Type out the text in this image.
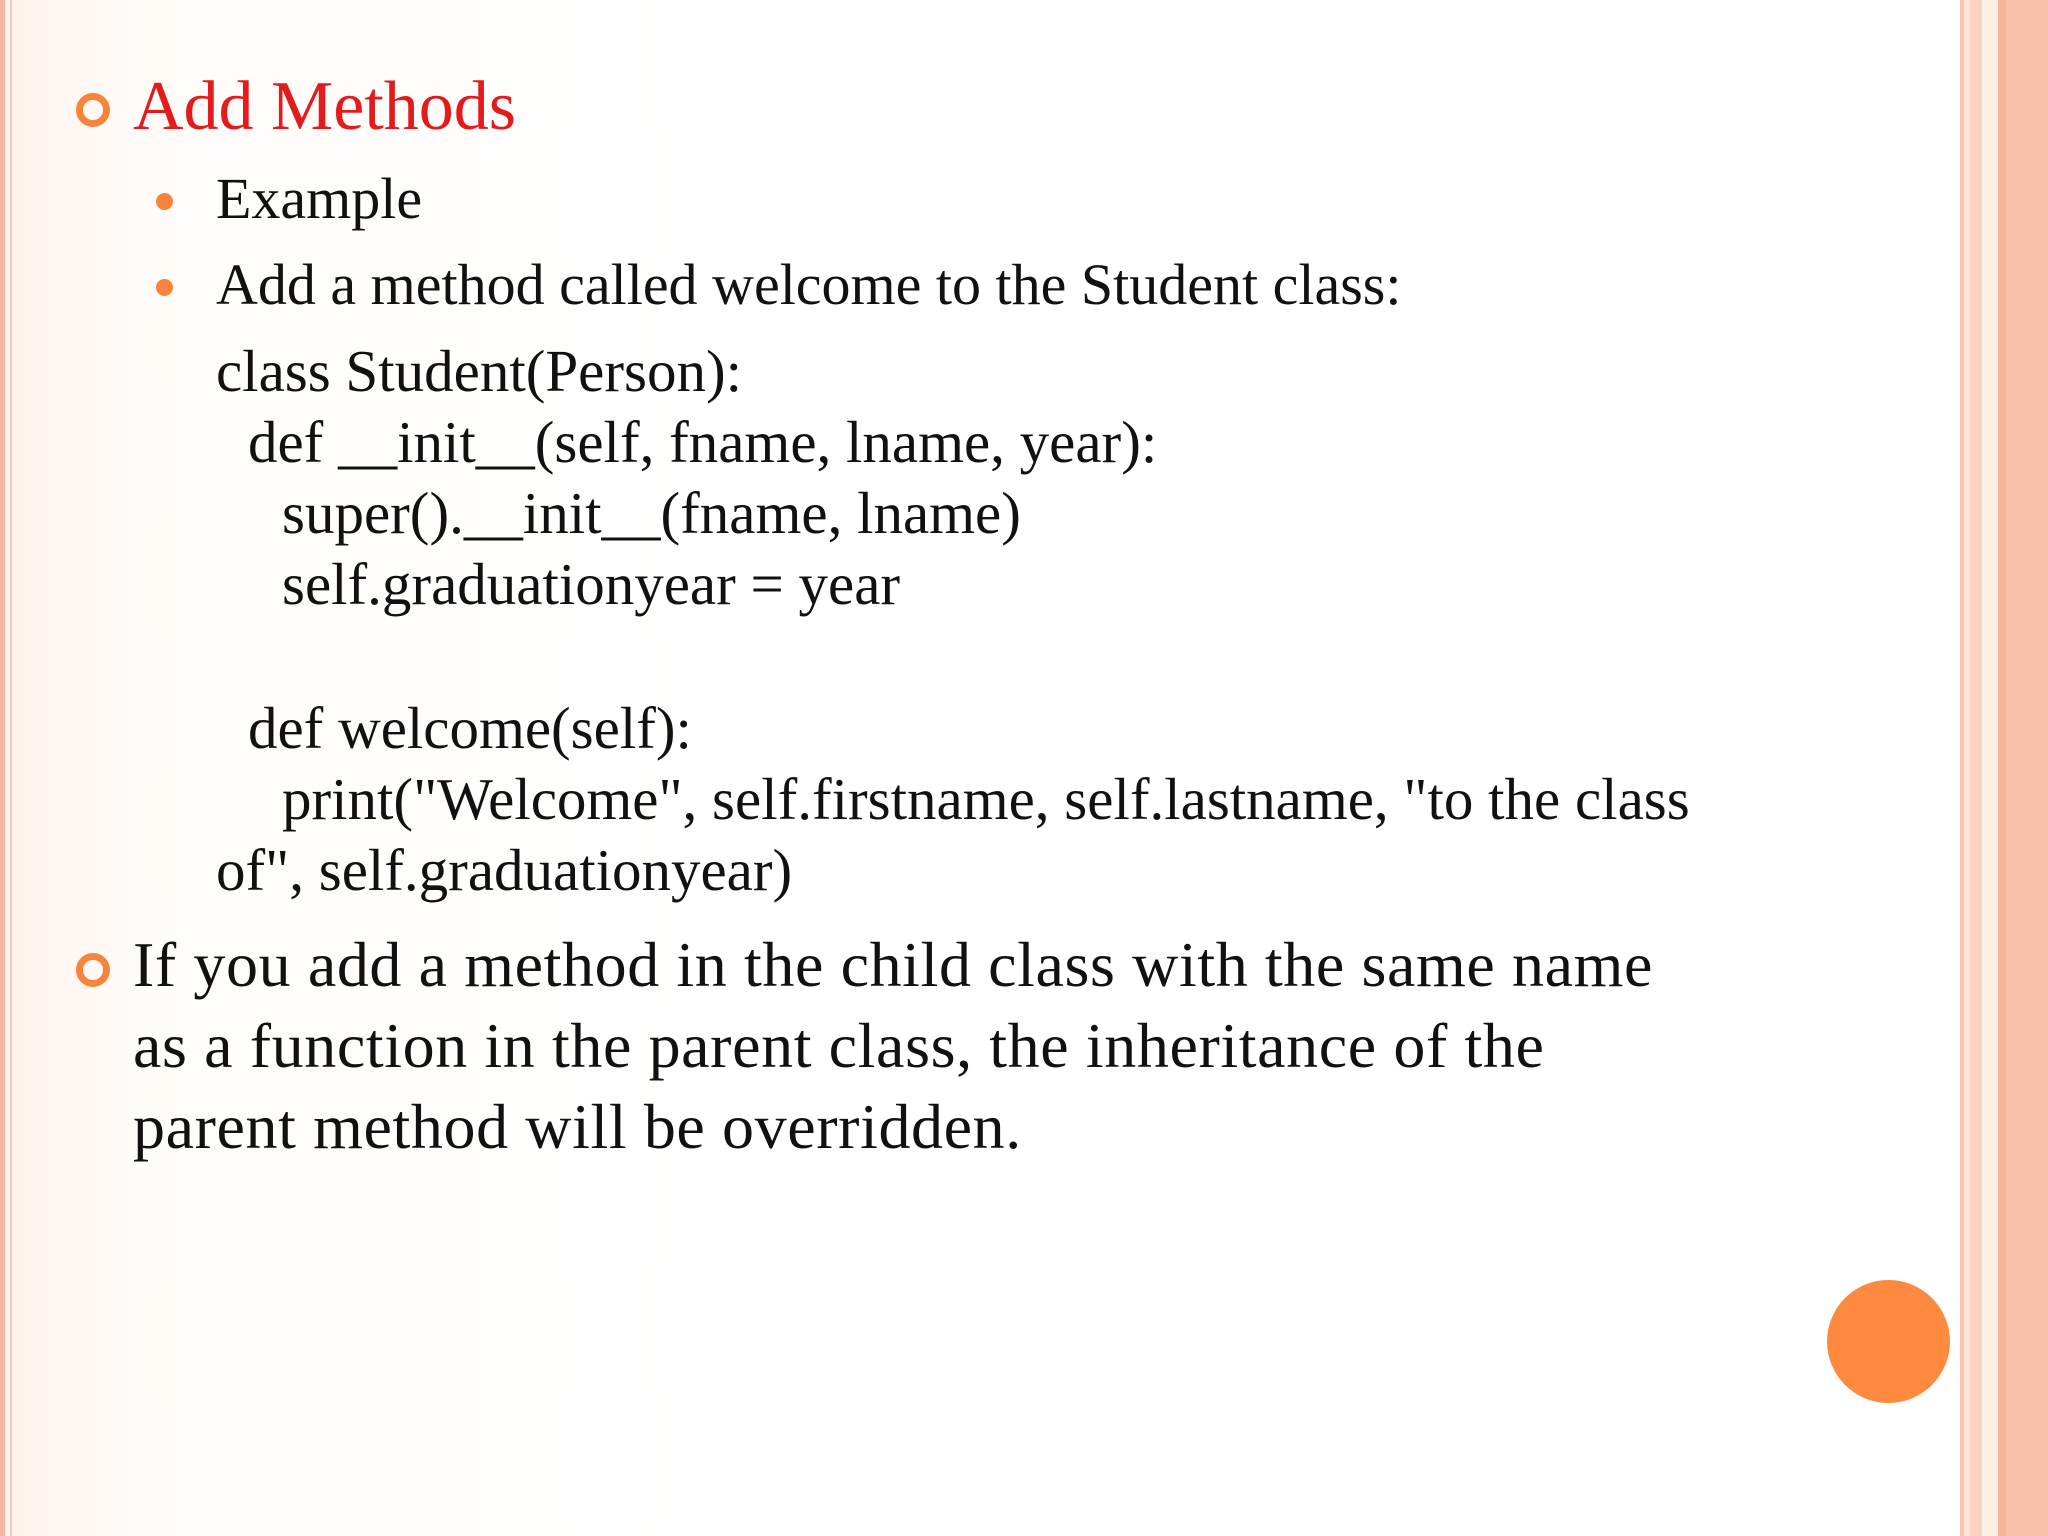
Add Methods
Example
Add a method called welcome to the Student class:
class Student(Person):
def __init__(self, fname, lname, year):
super().__init__(fname, lname)
self.graduationyear = year
def welcome(self):
print("Welcome", self.firstname, self.lastname, "to the class
of", self.graduationyear)
If you add a method in the child class with the same name
as a function in the parent class, the inheritance of the
parent method will be overridden.
